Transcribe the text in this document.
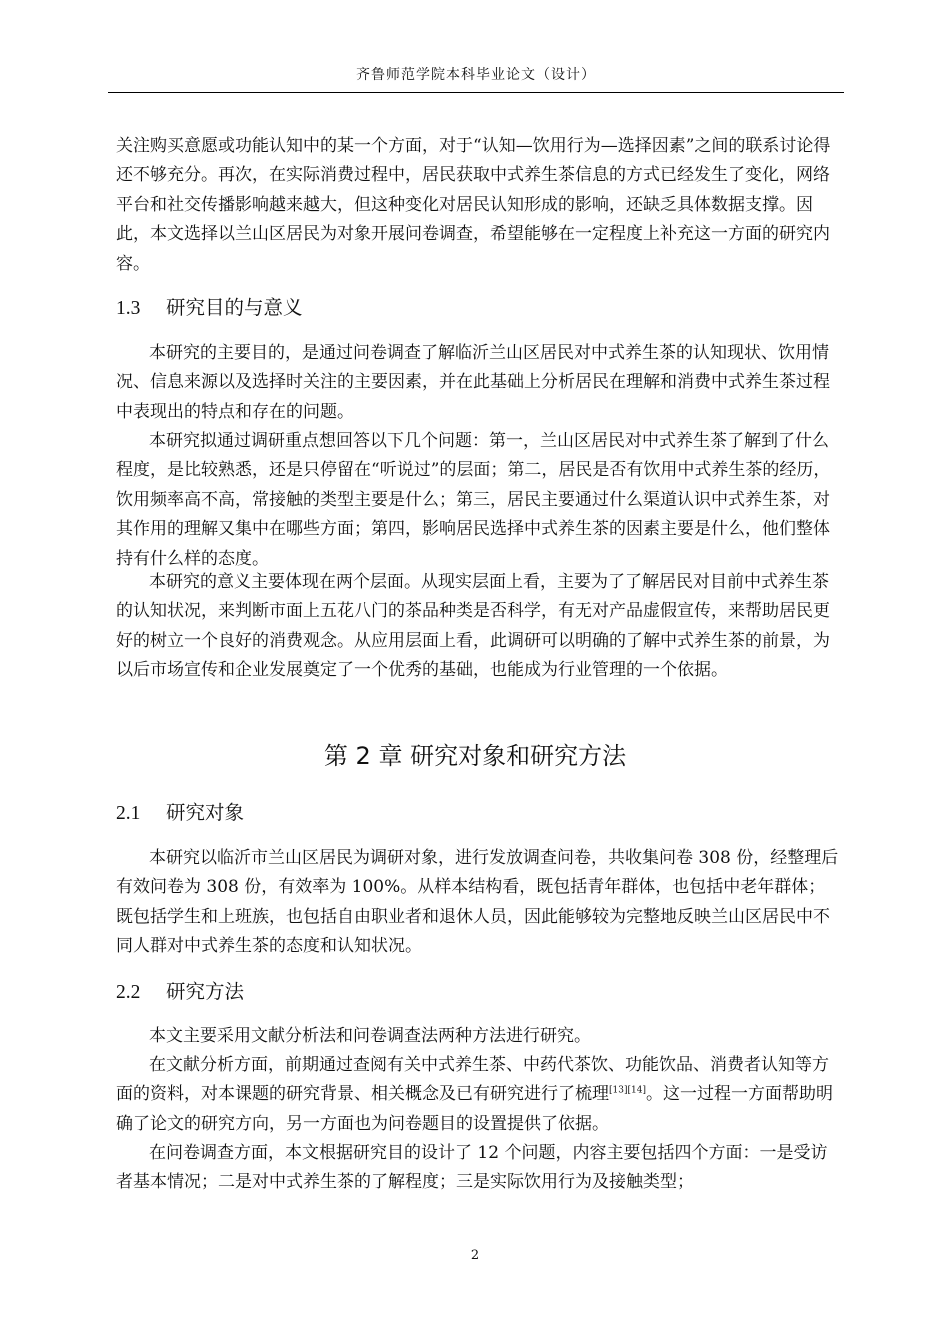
齐鲁师范学院本科毕业论文（设计）

关注购买意愿或功能认知中的某一个方面，对于“认知—饮用行为—选择因素”之间的联系讨论得还不够充分。再次，在实际消费过程中，居民获取中式养生茶信息的方式已经发生了变化，网络平台和社交传播影响越来越大，但这种变化对居民认知形成的影响，还缺乏具体数据支撑。因此，本文选择以兰山区居民为对象开展问卷调查，希望能够在一定程度上补充这一方面的研究内容。

1.3 研究目的与意义

本研究的主要目的，是通过问卷调查了解临沂兰山区居民对中式养生茶的认知现状、饮用情况、信息来源以及选择时关注的主要因素，并在此基础上分析居民在理解和消费中式养生茶过程中表现出的特点和存在的问题。

本研究拟通过调研重点想回答以下几个问题：第一，兰山区居民对中式养生茶了解到了什么程度，是比较熟悉，还是只停留在“听说过”的层面；第二，居民是否有饮用中式养生茶的经历，饮用频率高不高，常接触的类型主要是什么；第三，居民主要通过什么渠道认识中式养生茶，对其作用的理解又集中在哪些方面；第四，影响居民选择中式养生茶的因素主要是什么，他们整体持有什么样的态度。

本研究的意义主要体现在两个层面。从现实层面上看，主要为了了解居民对目前中式养生茶的认知状况，来判断市面上五花八门的茶品种类是否科学，有无对产品虚假宣传，来帮助居民更好的树立一个良好的消费观念。从应用层面上看，此调研可以明确的了解中式养生茶的前景，为以后市场宣传和企业发展奠定了一个优秀的基础，也能成为行业管理的一个依据。

第 2 章 研究对象和研究方法
2.1 研究对象

本研究以临沂市兰山区居民为调研对象，进行发放调查问卷，共收集问卷 308 份，经整理后有效问卷为 308 份，有效率为 100%。从样本结构看，既包括青年群体，也包括中老年群体；既包括学生和上班族，也包括自由职业者和退休人员，因此能够较为完整地反映兰山区居民中不同人群对中式养生茶的态度和认知状况。

2.2 研究方法

本文主要采用文献分析法和问卷调查法两种方法进行研究。

在文献分析方面，前期通过查阅有关中式养生茶、中药代茶饮、功能饮品、消费者认知等方面的资料，对本课题的研究背景、相关概念及已有研究进行了梳理[13][14]。这一过程一方面帮助明确了论文的研究方向，另一方面也为问卷题目的设置提供了依据。

在问卷调查方面，本文根据研究目的设计了 12 个问题，内容主要包括四个方面：一是受访者基本情况；二是对中式养生茶的了解程度；三是实际饮用行为及接触类型；

2
